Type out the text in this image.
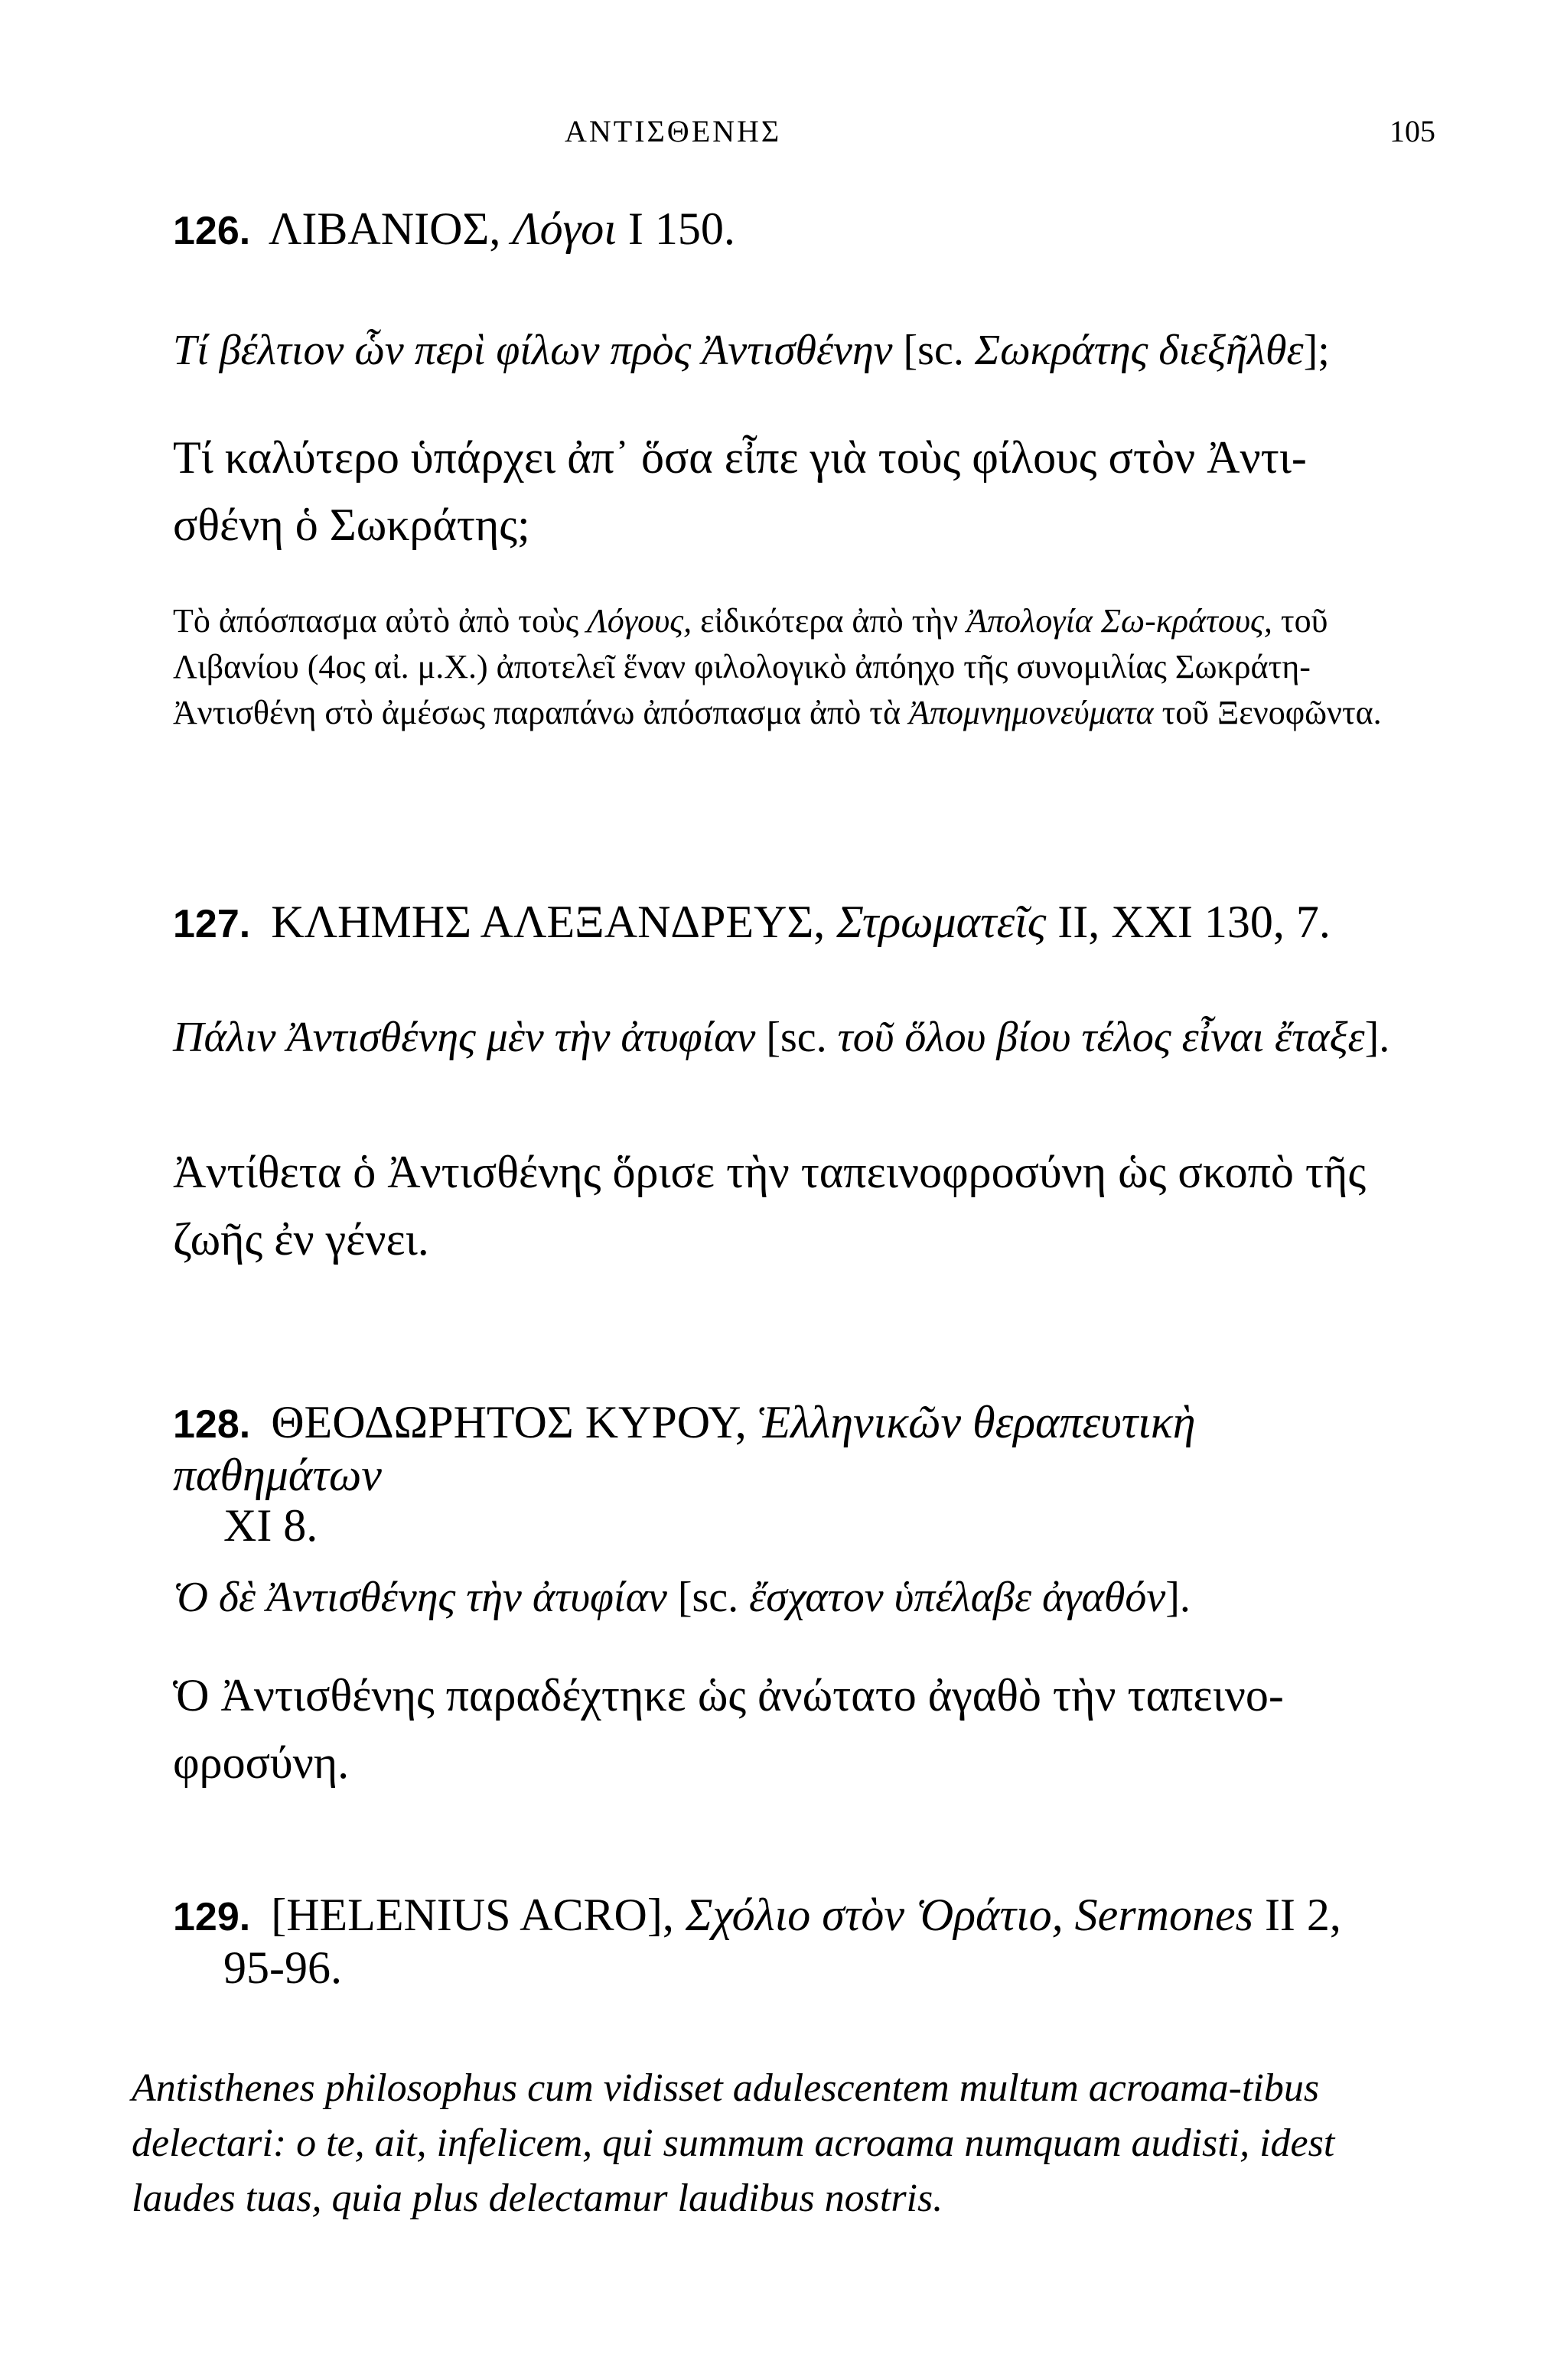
ΑΝΤΙΣΘΕΝΗΣ	105
126. ΛΙΒΑΝΙΟΣ, Λόγοι Ι 150.
Τί βέλτιον ὧν περὶ φίλων πρὸς Ἀντισθένην [sc. Σωκράτης διεξῆλθε];
Τί καλύτερο ὑπάρχει ἀπ᾽ ὅσα εἶπε γιὰ τοὺς φίλους στὸν Ἀντι-σθένη ὁ Σωκράτης;
Τὸ ἀπόσπασμα αὐτὸ ἀπὸ τοὺς Λόγους, εἰδικότερα ἀπὸ τὴν Ἀπολογία Σω-κράτους, τοῦ Λιβανίου (4ος αἰ. μ.Χ.) ἀποτελεῖ ἕναν φιλολογικὸ ἀπόηχο τῆς συνομιλίας Σωκράτη-Ἀντισθένη στὸ ἀμέσως παραπάνω ἀπόσπασμα ἀπὸ τὰ Ἀπομνημονεύματα τοῦ Ξενοφῶντα.
127. ΚΛΗΜΗΣ ΑΛΕΞΑΝΔΡΕΥΣ, Στρωματεῖς ΙΙ, XXI 130, 7.
Πάλιν Ἀντισθένης μὲν τὴν ἀτυφίαν [sc. τοῦ ὅλου βίου τέλος εἶναι ἔταξε].
Ἀντίθετα ὁ Ἀντισθένης ὅρισε τὴν ταπεινοφροσύνη ὡς σκοπὸ τῆς ζωῆς ἐν γένει.
128. ΘΕΟΔΩΡΗΤΟΣ ΚΥΡΟΥ, Ἑλληνικῶν θεραπευτικὴ παθημάτων
XI 8.
Ὁ δὲ Ἀντισθένης τὴν ἀτυφίαν [sc. ἔσχατον ὑπέλαβε ἀγαθόν].
Ὁ Ἀντισθένης παραδέχτηκε ὡς ἀνώτατο ἀγαθὸ τὴν ταπεινο-φροσύνη.
129. [HELENIUS ACRO], Σχόλιο στὸν Ὁράτιο, Sermones II 2,
95-96.
Antisthenes philosophus cum vidisset adulescentem multum acroama-tibus delectari: o te, ait, infelicem, qui summum acroama numquam audisti, idest laudes tuas, quia plus delectamur laudibus nostris.
